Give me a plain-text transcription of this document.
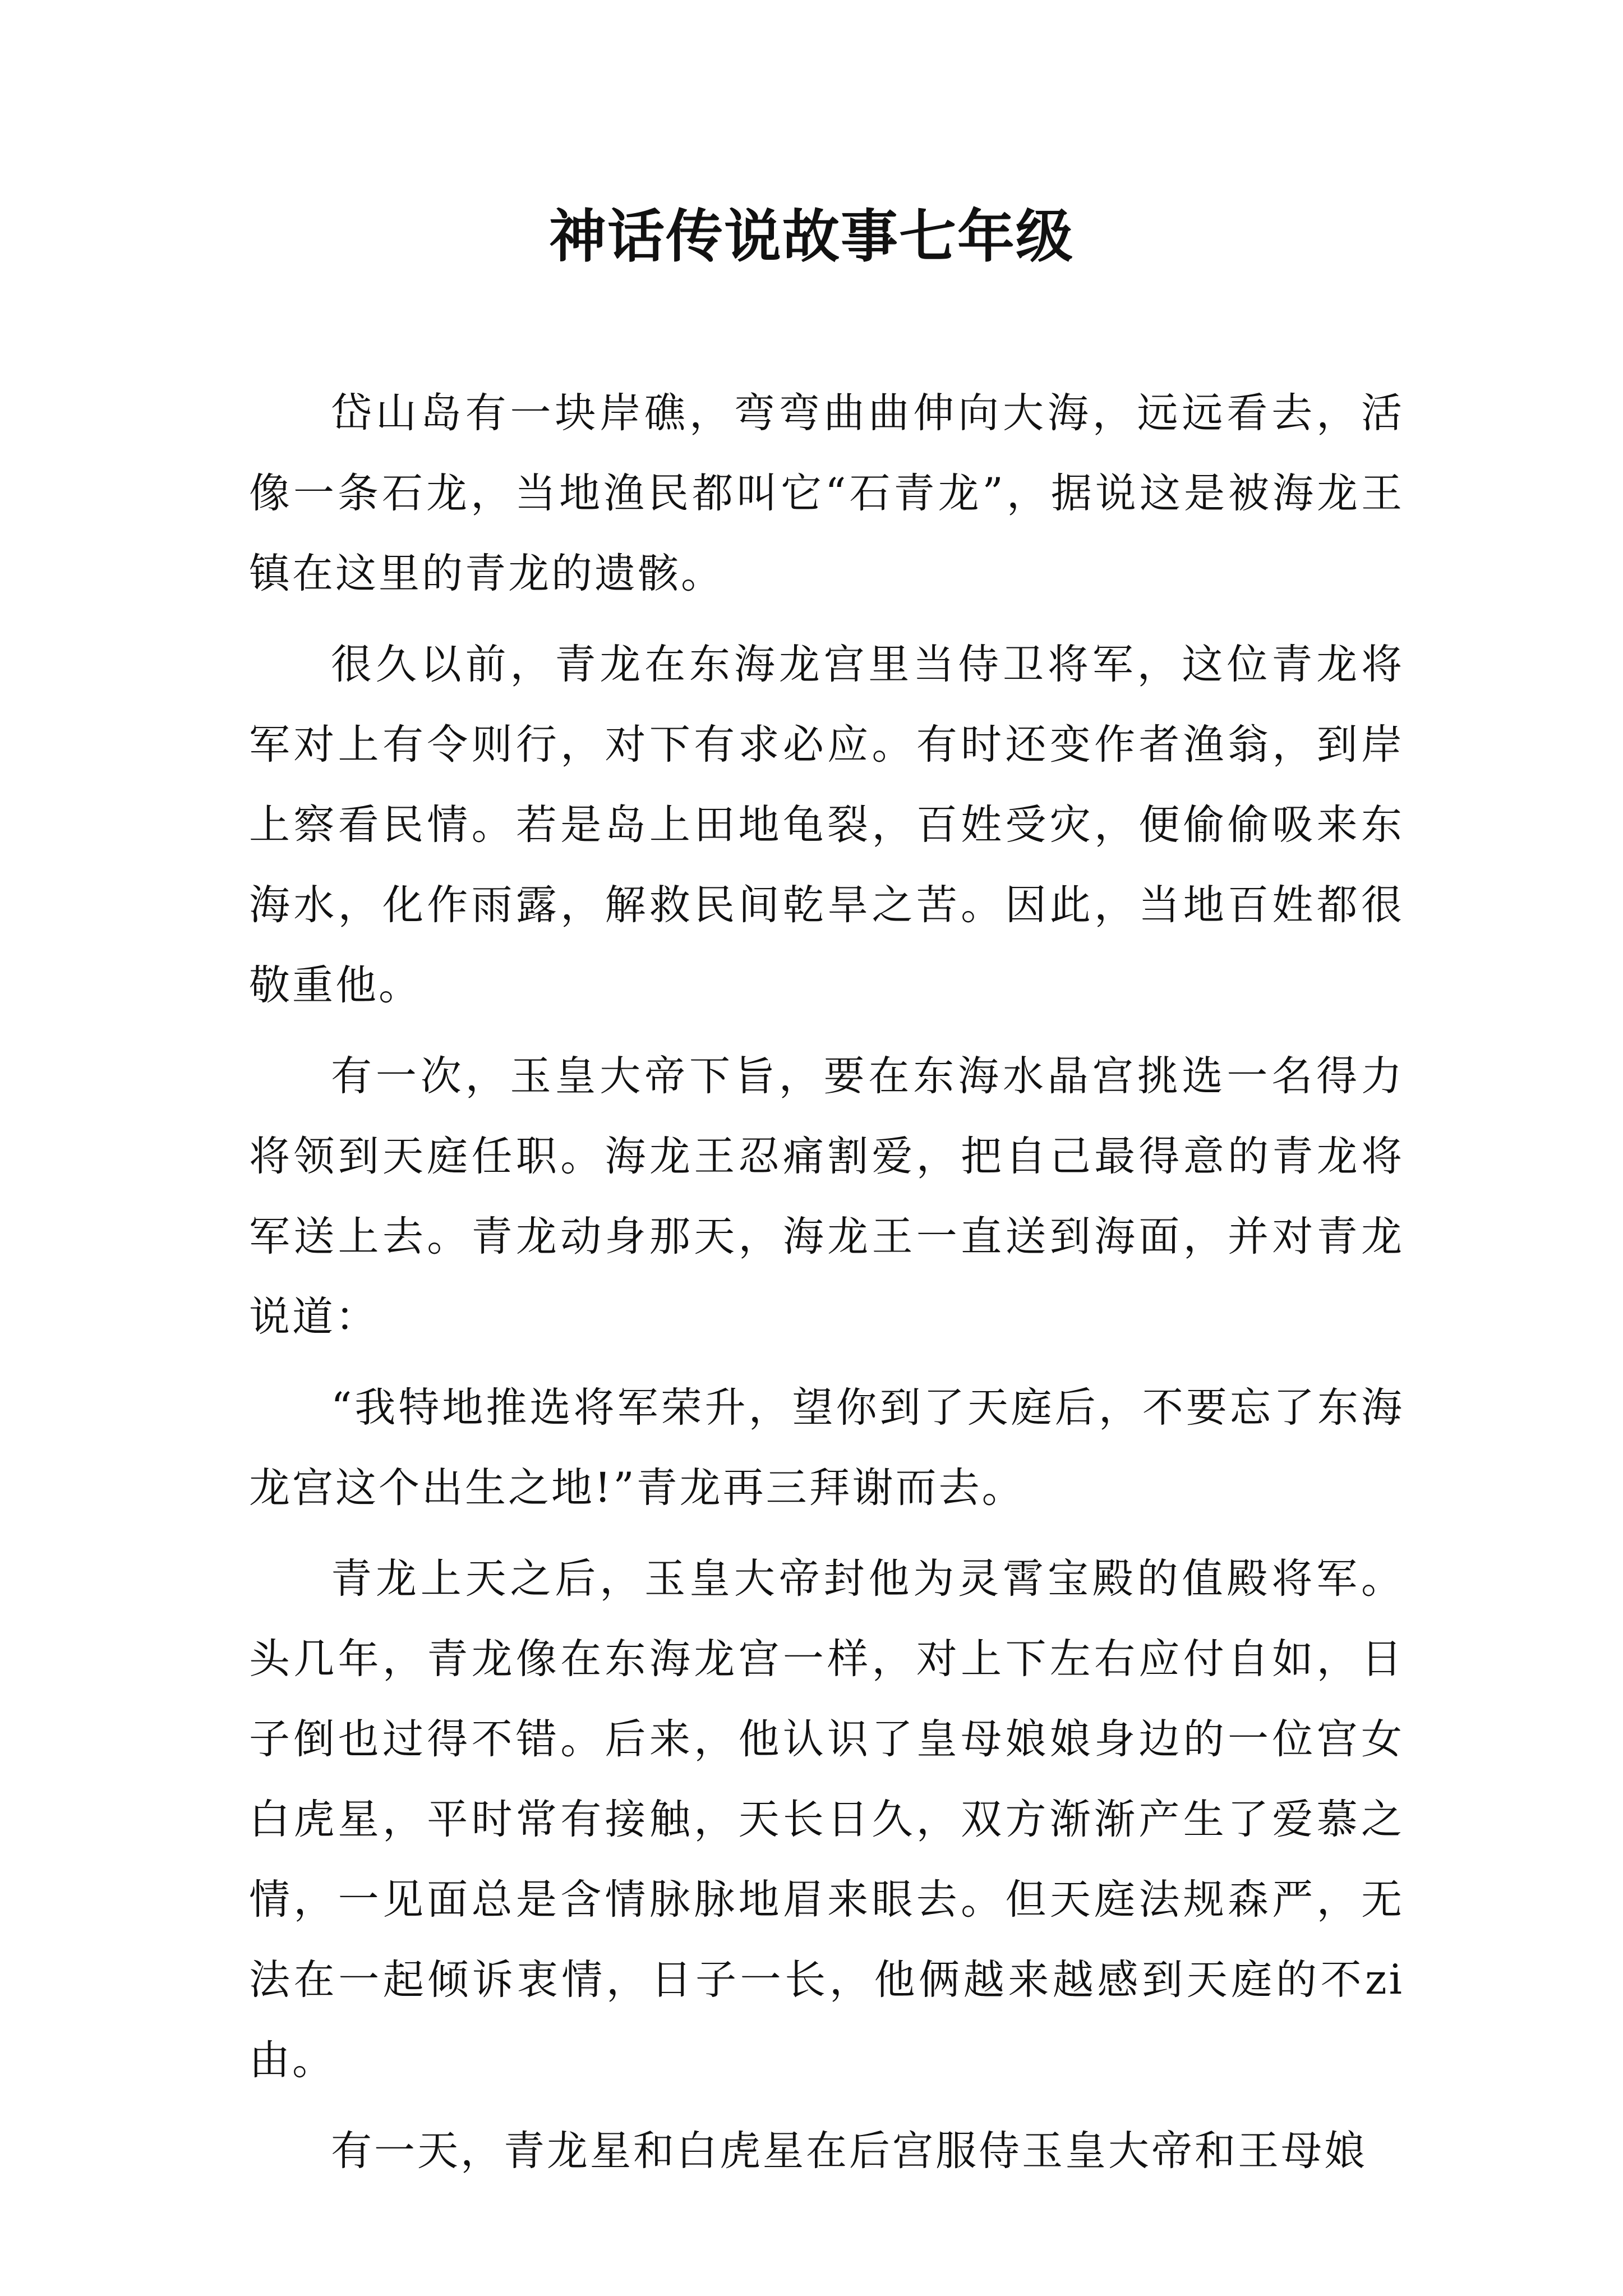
神话传说故事七年级

岱山岛有一块岸礁，弯弯曲曲伸向大海，远远看去，活像一条石龙，当地渔民都叫它“石青龙”，据说这是被海龙王镇在这里的青龙的遗骸。

很久以前，青龙在东海龙宫里当侍卫将军，这位青龙将军对上有令则行，对下有求必应。有时还变作者渔翁，到岸上察看民情。若是岛上田地龟裂，百姓受灾，便偷偷吸来东海水，化作雨露，解救民间乾旱之苦。因此，当地百姓都很敬重他。

有一次，玉皇大帝下旨，要在东海水晶宫挑选一名得力将领到天庭任职。海龙王忍痛割爱，把自己最得意的青龙将军送上去。青龙动身那天，海龙王一直送到海面，并对青龙说道：

“我特地推选将军荣升，望你到了天庭后，不要忘了东海龙宫这个出生之地!”青龙再三拜谢而去。

青龙上天之后，玉皇大帝封他为灵霄宝殿的值殿将军。头几年，青龙像在东海龙宫一样，对上下左右应付自如，日子倒也过得不错。后来，他认识了皇母娘娘身边的一位宫女白虎星，平时常有接触，天长日久，双方渐渐产生了爱慕之情，一见面总是含情脉脉地眉来眼去。但天庭法规森严，无法在一起倾诉衷情，日子一长，他俩越来越感到天庭的不zi由。

有一天，青龙星和白虎星在后宫服侍玉皇大帝和王母娘
